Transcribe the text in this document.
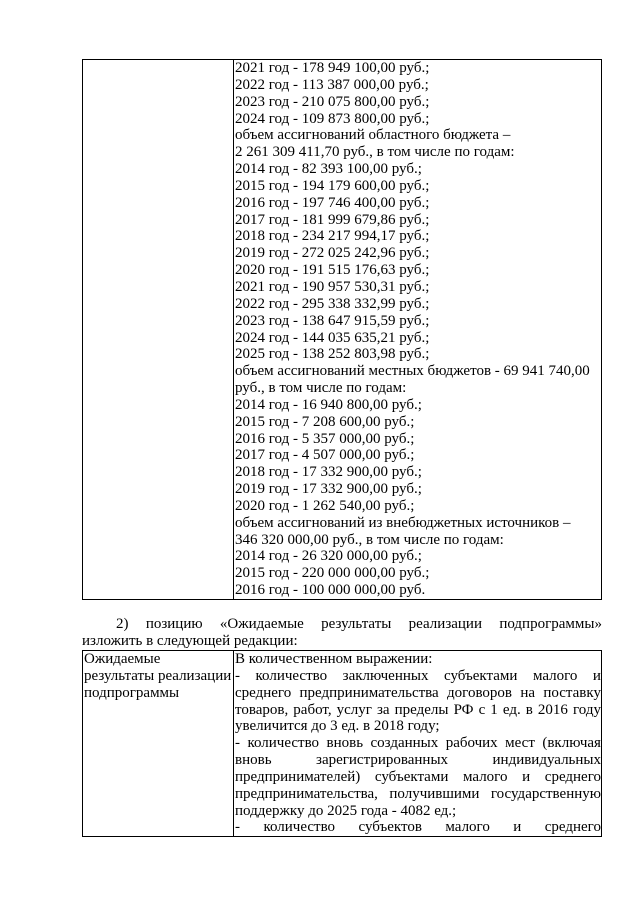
2021 год - 178 949 100,00 руб.;
2022 год - 113 387 000,00 руб.;
2023 год - 210 075 800,00 руб.;
2024 год - 109 873 800,00 руб.;
объем ассигнований областного бюджета –
2 261 309 411,70 руб., в том числе по годам:
2014 год - 82 393 100,00 руб.;
2015 год - 194 179 600,00 руб.;
2016 год - 197 746 400,00 руб.;
2017 год - 181 999 679,86 руб.;
2018 год - 234 217 994,17 руб.;
2019 год - 272 025 242,96 руб.;
2020 год - 191 515 176,63 руб.;
2021 год - 190 957 530,31 руб.;
2022 год - 295 338 332,99 руб.;
2023 год - 138 647 915,59 руб.;
2024 год - 144 035 635,21 руб.;
2025 год - 138 252 803,98 руб.;
объем ассигнований местных бюджетов - 69 941 740,00
руб., в том числе по годам:
2014 год - 16 940 800,00 руб.;
2015 год - 7 208 600,00 руб.;
2016 год - 5 357 000,00 руб.;
2017 год - 4 507 000,00 руб.;
2018 год - 17 332 900,00 руб.;
2019 год - 17 332 900,00 руб.;
2020 год - 1 262 540,00 руб.;
объем ассигнований из внебюджетных источников –
346 320 000,00 руб., в том числе по годам:
2014 год - 26 320 000,00 руб.;
2015 год - 220 000 000,00 руб.;
2016 год - 100 000 000,00 руб.
2) позицию «Ожидаемые результаты реализации подпрограммы»
изложить в следующей редакции:
Ожидаемые
результаты реализации
подпрограммы

В количественном выражении:
- количество заключенных субъектами малого и
среднего предпринимательства договоров на поставку
товаров, работ, услуг за пределы РФ с 1 ед. в 2016 году
увеличится до 3 ед. в 2018 году;
- количество вновь созданных рабочих мест (включая
вновь	зарегистрированных	индивидуальных
предпринимателей) субъектами малого и среднего
предпринимательства, получившими государственную
поддержку до 2025 года - 4082 ед.;
- количество субъектов малого и среднего
